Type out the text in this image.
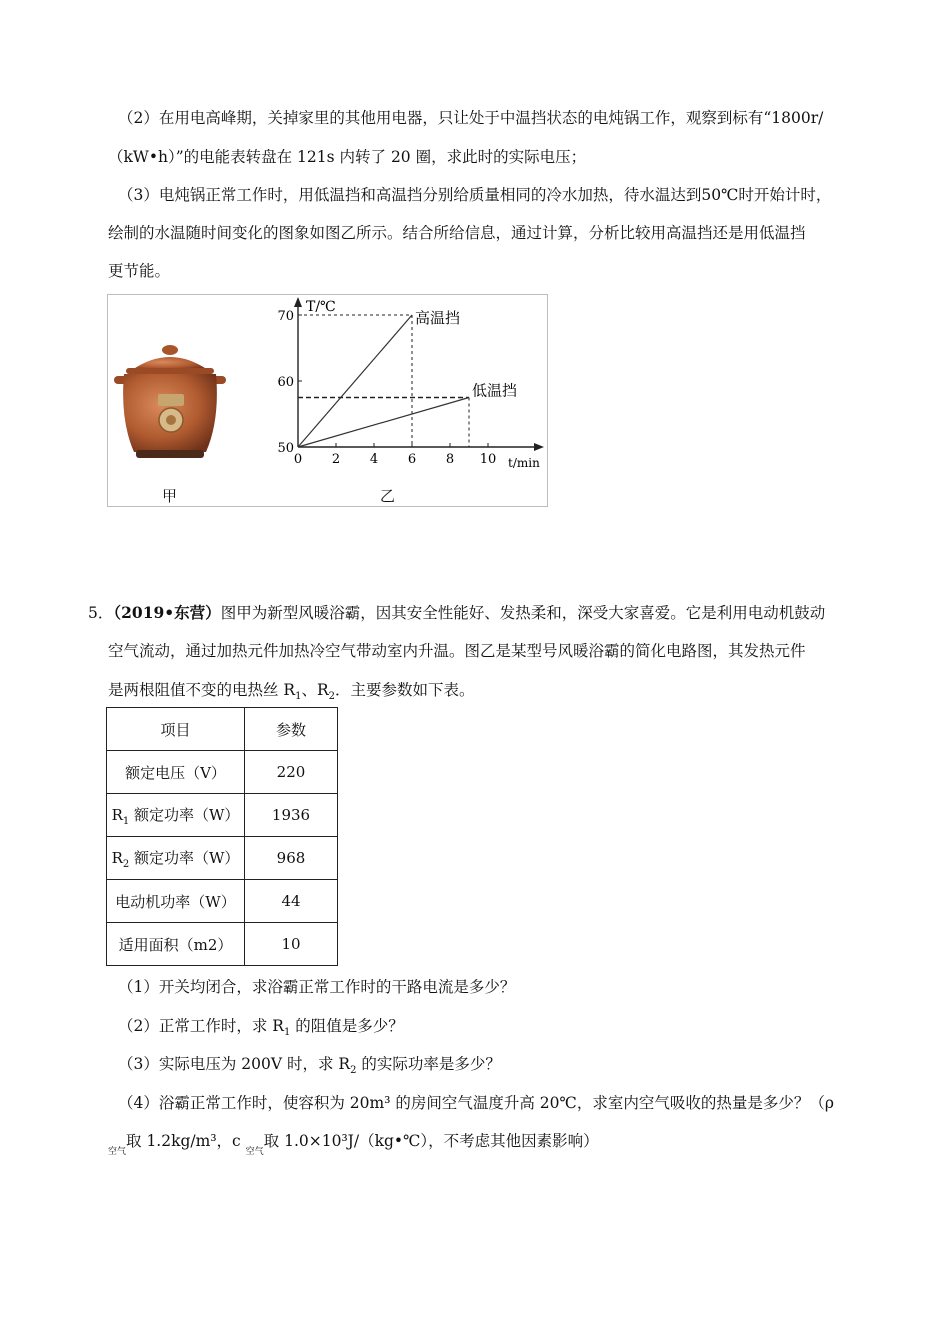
（2）在用电高峰期，关掉家里的其他用电器，只让处于中温挡状态的电炖锅工作，观察到标有“1800r/
（kW•h）”的电能表转盘在 121s 内转了 20 圈，求此时的实际电压；
（3）电炖锅正常工作时，用低温挡和高温挡分别给质量相同的冷水加热，待水温达到50℃时开始计时，
绘制的水温随时间变化的图象如图乙所示。结合所给信息，通过计算，分析比较用高温挡还是用低温挡
更节能。
甲	乙
T/℃
t/min
0 2 4 6 8 10
50
60
70	高温挡
低温挡
5．（2019•东营）图甲为新型风暖浴霸，因其安全性能好、发热柔和，深受大家喜爱。它是利用电动机鼓动
空气流动，通过加热元件加热冷空气带动室内升温。图乙是某型号风暖浴霸的简化电路图，其发热元件
是两根阻值不变的电热丝 $R_1$、$R_2$．主要参数如下表。
项目	参数
额定电压（V）	220
$R_1$ 额定功率（W）	1936
$R_2$ 额定功率（W）	968
电动机功率（W）	44
适用面积（m2）	10
（1）开关均闭合，求浴霸正常工作时的干路电流是多少？
（2）正常工作时，求 $R_1$ 的阻值是多少？
（3）实际电压为 200V 时，求 $R_2$ 的实际功率是多少？
（4）浴霸正常工作时，使容积为 20m³ 的房间空气温度升高 20℃，求室内空气吸收的热量是多少？（ρ
$_{空气}$取 1.2kg/m³，c $_{空气}$取 1.0×10³J/（kg•℃），不考虑其他因素影响）
